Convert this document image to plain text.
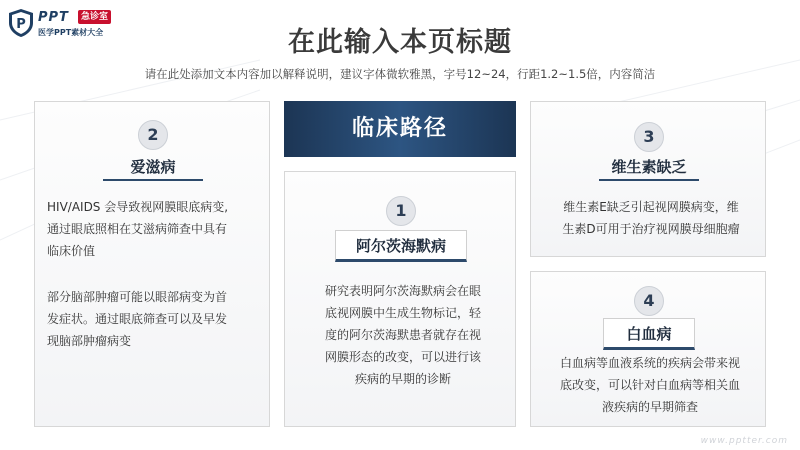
P PPT	急诊室
医学PPT素材大全	在此输入本页标题
请在此处添加文本内容加以解释说明，建议字体微软雅黑，字号12~24，行距1.2~1.5倍，内容简洁
2
爱滋病
HIV/AIDS 会导致视网膜眼底病变,
通过眼底照相在艾滋病筛查中具有
临床价值
部分脑部肿瘤可能以眼部病变为首
发症状。通过眼底筛查可以及早发
现脑部肿瘤病变
临床路径
1
阿尔茨海默病
研究表明阿尔茨海默病会在眼
底视网膜中生成生物标记，轻
度的阿尔茨海默患者就存在视
网膜形态的改变，可以进行该
疾病的早期的诊断
3
维生素缺乏
维生素E缺乏引起视网膜病变，维
生素D可用于治疗视网膜母细胞瘤
4
白血病
白血病等血液系统的疾病会带来视
底改变，可以针对白血病等相关血
液疾病的早期筛查
www.pptter.com
